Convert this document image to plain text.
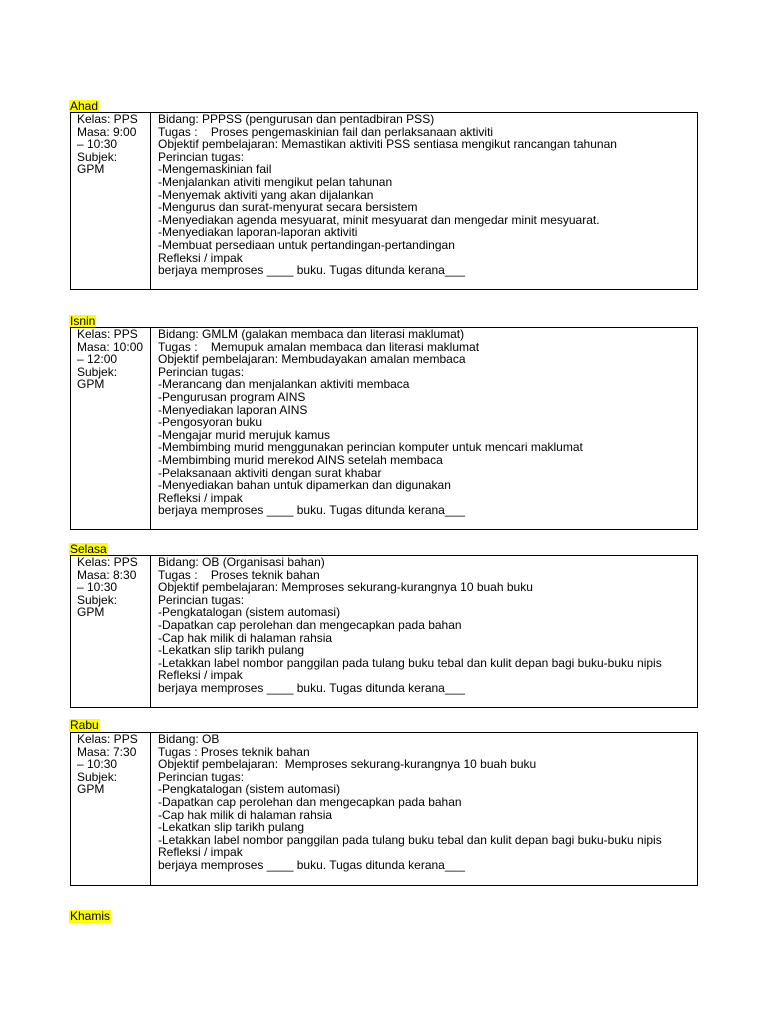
Ahad
Kelas: PPS
Masa: 9:00
– 10:30
Subjek:
GPM
Bidang: PPPSS (pengurusan dan pentadbiran PSS)
Tugas :    Proses pengemaskinian fail dan perlaksanaan aktiviti
Objektif pembelajaran: Memastikan aktiviti PSS sentiasa mengikut rancangan tahunan
Perincian tugas:
-Mengemaskinian fail
-Menjalankan ativiti mengikut pelan tahunan
-Menyemak aktiviti yang akan dijalankan
-Mengurus dan surat-menyurat secara bersistem
-Menyediakan agenda mesyuarat, minit mesyuarat dan mengedar minit mesyuarat.
-Menyediakan laporan-laporan aktiviti
-Membuat persediaan untuk pertandingan-pertandingan
Refleksi / impak
berjaya memproses ____ buku. Tugas ditunda kerana___
Isnin
Kelas: PPS
Masa: 10:00
– 12:00
Subjek:
GPM
Bidang: GMLM (galakan membaca dan literasi maklumat)
Tugas :    Memupuk amalan membaca dan literasi maklumat
Objektif pembelajaran: Membudayakan amalan membaca
Perincian tugas:
-Merancang dan menjalankan aktiviti membaca
-Pengurusan program AINS
-Menyediakan laporan AINS
-Pengosyoran buku
-Mengajar murid merujuk kamus
-Membimbing murid menggunakan perincian komputer untuk mencari maklumat
-Membimbing murid merekod AINS setelah membaca
-Pelaksanaan aktiviti dengan surat khabar
-Menyediakan bahan untuk dipamerkan dan digunakan
Refleksi / impak
berjaya memproses ____ buku. Tugas ditunda kerana___
Selasa
Kelas: PPS
Masa: 8:30
– 10:30
Subjek:
GPM
Bidang: OB (Organisasi bahan)
Tugas :    Proses teknik bahan
Objektif pembelajaran: Memproses sekurang-kurangnya 10 buah buku
Perincian tugas:
-Pengkatalogan (sistem automasi)
-Dapatkan cap perolehan dan mengecapkan pada bahan
-Cap hak milik di halaman rahsia
-Lekatkan slip tarikh pulang
-Letakkan label nombor panggilan pada tulang buku tebal dan kulit depan bagi buku-buku nipis
Refleksi / impak
berjaya memproses ____ buku. Tugas ditunda kerana___
Rabu
Kelas: PPS
Masa: 7:30
– 10:30
Subjek:
GPM
Bidang: OB
Tugas : Proses teknik bahan
Objektif pembelajaran:  Memproses sekurang-kurangnya 10 buah buku
Perincian tugas:
-Pengkatalogan (sistem automasi)
-Dapatkan cap perolehan dan mengecapkan pada bahan
-Cap hak milik di halaman rahsia
-Lekatkan slip tarikh pulang
-Letakkan label nombor panggilan pada tulang buku tebal dan kulit depan bagi buku-buku nipis
Refleksi / impak
berjaya memproses ____ buku. Tugas ditunda kerana___
Khamis
